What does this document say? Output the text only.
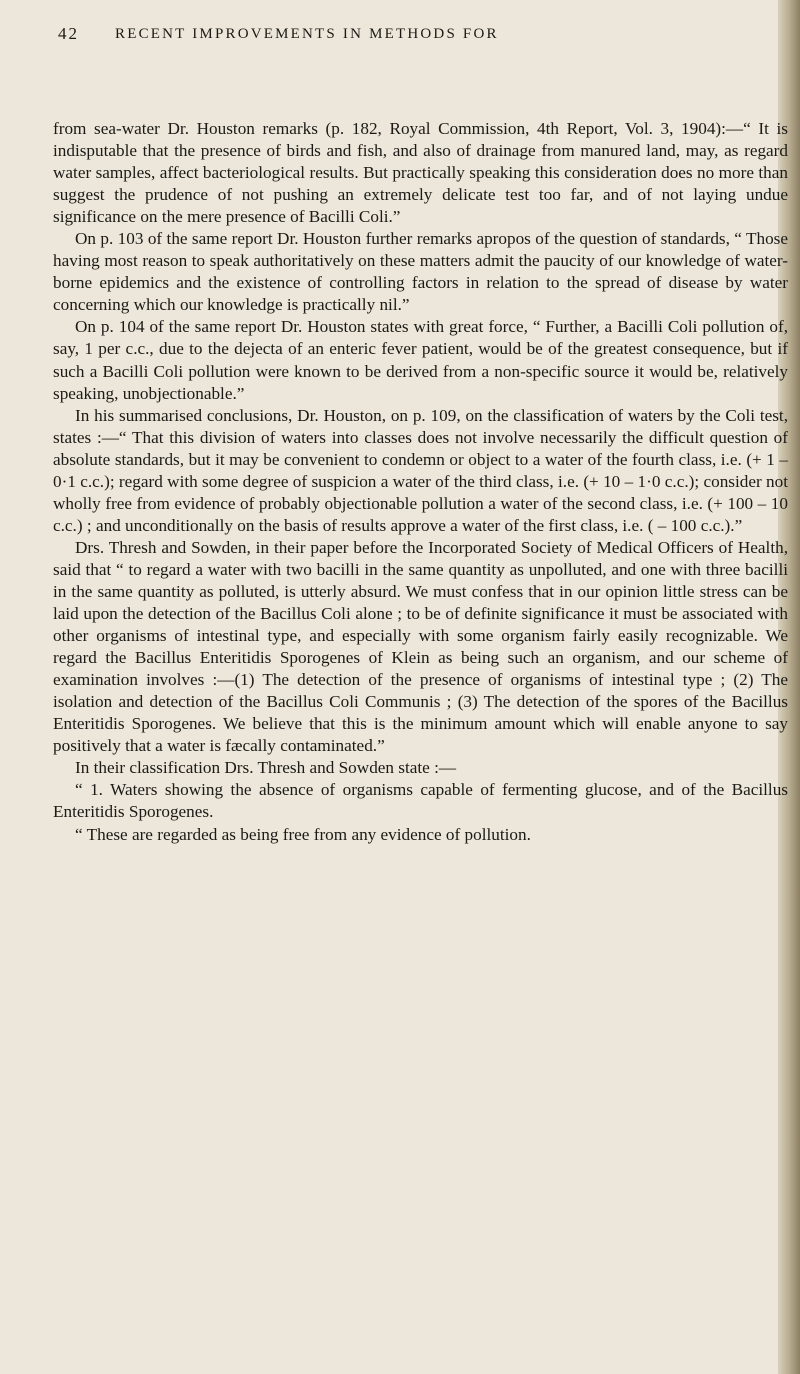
42 RECENT IMPROVEMENTS IN METHODS FOR

from sea-water Dr. Houston remarks (p. 182, Royal Commission, 4th Report, Vol. 3, 1904):—“ It is indisputable that the presence of birds and fish, and also of drainage from manured land, may, as regard water samples, affect bacteriological results. But practically speaking this consideration does no more than suggest the prudence of not pushing an extremely delicate test too far, and of not laying undue significance on the mere presence of Bacilli Coli.”

On p. 103 of the same report Dr. Houston further remarks apropos of the question of standards, “ Those having most reason to speak authoritatively on these matters admit the paucity of our knowledge of water-borne epidemics and the existence of controlling factors in relation to the spread of disease by water concerning which our knowledge is practically nil.”

On p. 104 of the same report Dr. Houston states with great force, “ Further, a Bacilli Coli pollution of, say, 1 per c.c., due to the dejecta of an enteric fever patient, would be of the greatest consequence, but if such a Bacilli Coli pollution were known to be derived from a non-specific source it would be, relatively speaking, unobjectionable.”

In his summarised conclusions, Dr. Houston, on p. 109, on the classification of waters by the Coli test, states :—“ That this division of waters into classes does not involve necessarily the difficult question of absolute standards, but it may be convenient to condemn or object to a water of the fourth class, i.e. (+ 1 – 0·1 c.c.); regard with some degree of suspicion a water of the third class, i.e. (+ 10 – 1·0 c.c.); consider not wholly free from evidence of probably objectionable pollution a water of the second class, i.e. (+ 100 – 10 c.c.) ; and unconditionally on the basis of results approve a water of the first class, i.e. ( – 100 c.c.).”

Drs. Thresh and Sowden, in their paper before the Incorporated Society of Medical Officers of Health, said that “ to regard a water with two bacilli in the same quantity as unpolluted, and one with three bacilli in the same quantity as polluted, is utterly absurd. We must confess that in our opinion little stress can be laid upon the detection of the Bacillus Coli alone ; to be of definite significance it must be associated with other organisms of intestinal type, and especially with some organism fairly easily recognizable. We regard the Bacillus Enteritidis Sporogenes of Klein as being such an organism, and our scheme of examination involves :—(1) The detection of the presence of organisms of intestinal type ; (2) The isolation and detection of the Bacillus Coli Communis ; (3) The detection of the spores of the Bacillus Enteritidis Sporogenes. We believe that this is the minimum amount which will enable anyone to say positively that a water is fæcally contaminated.”

In their classification Drs. Thresh and Sowden state :—

“ 1. Waters showing the absence of organisms capable of fermenting glucose, and of the Bacillus Enteritidis Sporogenes.

“ These are regarded as being free from any evidence of pollution.
